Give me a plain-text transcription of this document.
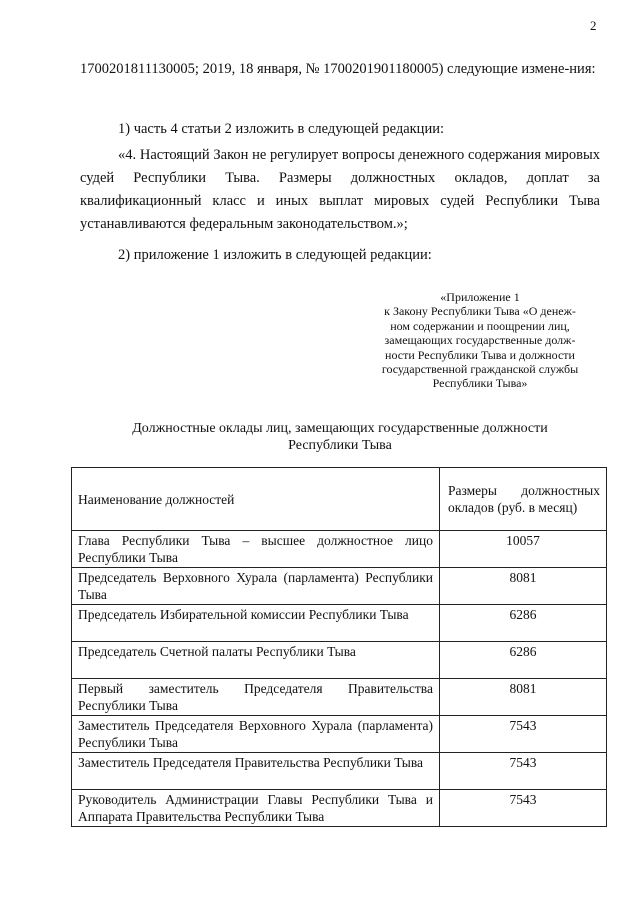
2
1700201811130005; 2019, 18 января, № 1700201901180005) следующие измене-ния:
1) часть 4 статьи 2 изложить в следующей редакции:
«4. Настоящий Закон не регулирует вопросы денежного содержания мировых судей Республики Тыва. Размеры должностных окладов, доплат за квалификационный класс и иных выплат мировых судей Республики Тыва устанавливаются федеральным законодательством.»;
2) приложение 1 изложить в следующей редакции:
«Приложение 1
к Закону Республики Тыва «О денеж-
ном содержании и поощрении лиц,
замещающих государственные долж-
ности Республики Тыва и должности
государственной гражданской службы
Республики Тыва»
Должностные оклады лиц, замещающих государственные должности
Республики Тыва
Наименование должностей	Размеры должностных окладов (руб. в месяц)
Глава Республики Тыва – высшее должностное лицо Республики Тыва	10057
Председатель Верховного Хурала (парламента) Республики Тыва	8081
Председатель Избирательной комиссии Республики Тыва	6286
Председатель Счетной палаты Республики Тыва	6286
Первый заместитель Председателя Правительства Республики Тыва	8081
Заместитель Председателя Верховного Хурала (парламента) Республики Тыва	7543
Заместитель Председателя Правительства Республики Тыва	7543
Руководитель Администрации Главы Республики Тыва и Аппарата Правительства Республики Тыва	7543
